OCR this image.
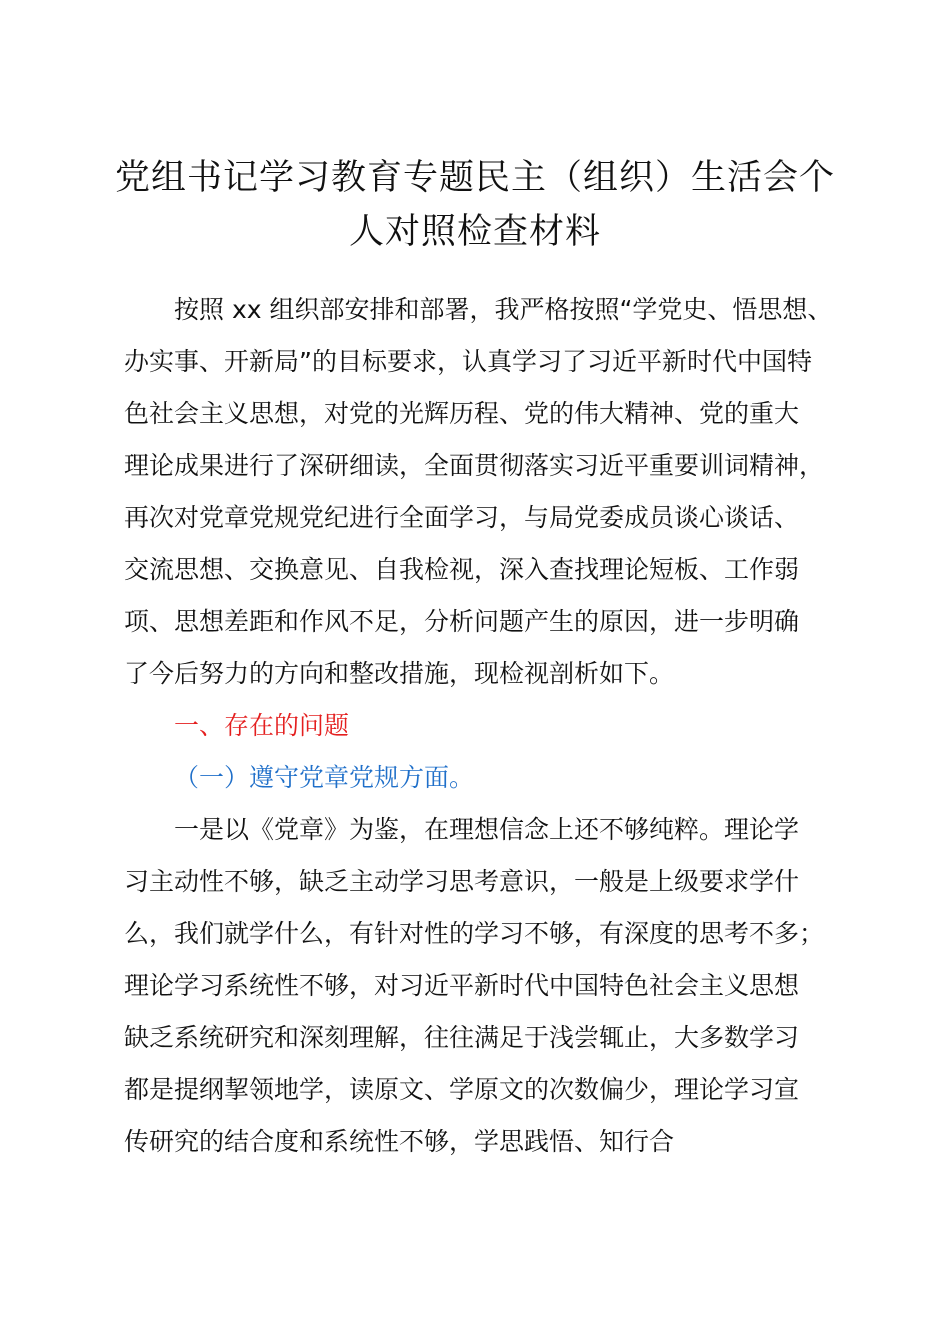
党组书记学习教育专题民主（组织）生活会个
人对照检查材料

按照 xx 组织部安排和部署，我严格按照“学党史、悟思想、

办实事、开新局”的目标要求，认真学习了习近平新时代中国特

色社会主义思想，对党的光辉历程、党的伟大精神、党的重大

理论成果进行了深研细读，全面贯彻落实习近平重要训词精神，

再次对党章党规党纪进行全面学习，与局党委成员谈心谈话、

交流思想、交换意见、自我检视，深入查找理论短板、工作弱

项、思想差距和作风不足，分析问题产生的原因，进一步明确

了今后努力的方向和整改措施，现检视剖析如下。

一、存在的问题

（一）遵守党章党规方面。

一是以《党章》为鉴，在理想信念上还不够纯粹。理论学

习主动性不够，缺乏主动学习思考意识，一般是上级要求学什

么，我们就学什么，有针对性的学习不够，有深度的思考不多；

理论学习系统性不够，对习近平新时代中国特色社会主义思想

缺乏系统研究和深刻理解，往往满足于浅尝辄止，大多数学习

都是提纲挈领地学，读原文、学原文的次数偏少，理论学习宣

传研究的结合度和系统性不够，学思践悟、知行合
